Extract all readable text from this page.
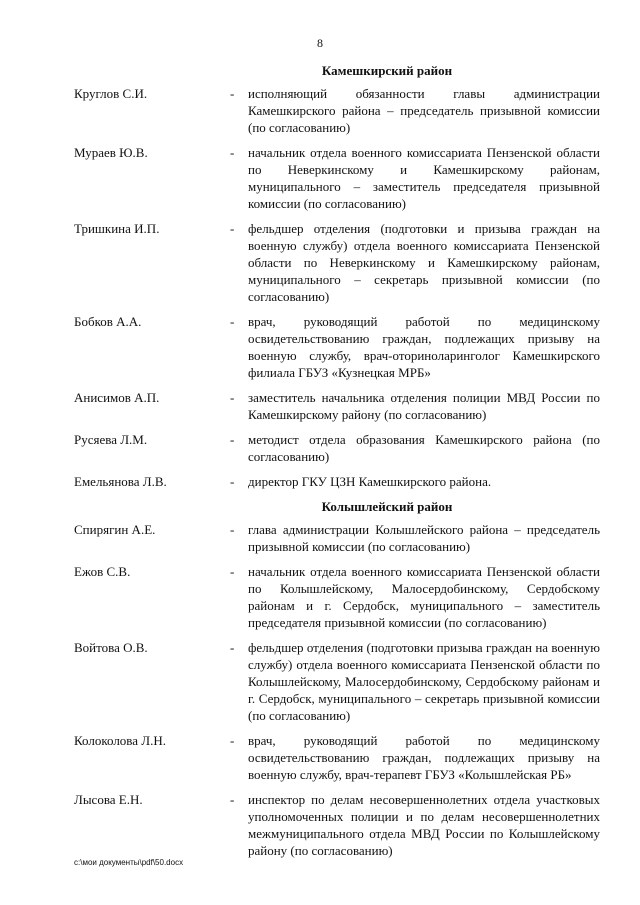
8
Камешкирский район
Круглов С.И.	-	исполняющий обязанности главы администрации Камешкирского района – председатель призывной комиссии (по согласованию)
Мураев Ю.В.	-	начальник отдела военного комиссариата Пензенской области по Неверкинскому и Камешкирскому районам, муниципального – заместитель председателя призывной комиссии (по согласованию)
Тришкина И.П.	-	фельдшер отделения (подготовки и призыва граждан на военную службу) отдела военного комиссариата Пензенской области по Неверкинскому и Камешкирскому районам, муниципального – секретарь призывной комиссии (по согласованию)
Бобков А.А.	-	врач, руководящий работой по медицинскому освидетельствованию граждан, подлежащих призыву на военную службу, врач-оториноларинголог Камешкирского филиала ГБУЗ «Кузнецкая МРБ»
Анисимов А.П.	-	заместитель начальника отделения полиции МВД России по Камешкирскому району (по согласованию)
Русяева Л.М.	-	методист отдела образования Камешкирского района (по согласованию)
Емельянова Л.В.	-	директор ГКУ ЦЗН Камешкирского района.
Колышлейский район
Спирягин А.Е.	-	глава администрации Колышлейского района – председатель призывной комиссии (по согласованию)
Ежов С.В.	-	начальник отдела военного комиссариата Пензенской области по Колышлейскому, Малосердобинскому, Сердобскому районам и г. Сердобск, муниципального – заместитель председателя призывной комиссии (по согласованию)
Войтова О.В.	-	фельдшер отделения (подготовки призыва граждан на военную службу) отдела военного комиссариата Пензенской области по Колышлейскому, Малосердобинскому, Сердобскому районам и г. Сердобск, муниципального – секретарь призывной комиссии (по согласованию)
Колоколова Л.Н.	-	врач, руководящий работой по медицинскому освидетельствованию граждан, подлежащих призыву на военную службу, врач-терапевт ГБУЗ «Колышлейская РБ»
Лысова Е.Н.	-	инспектор по делам несовершеннолетних отдела участковых уполномоченных полиции и по делам несовершеннолетних межмуниципального отдела МВД России по Колышлейскому району (по согласованию)
c:\мои документы\pdf\50.docx
